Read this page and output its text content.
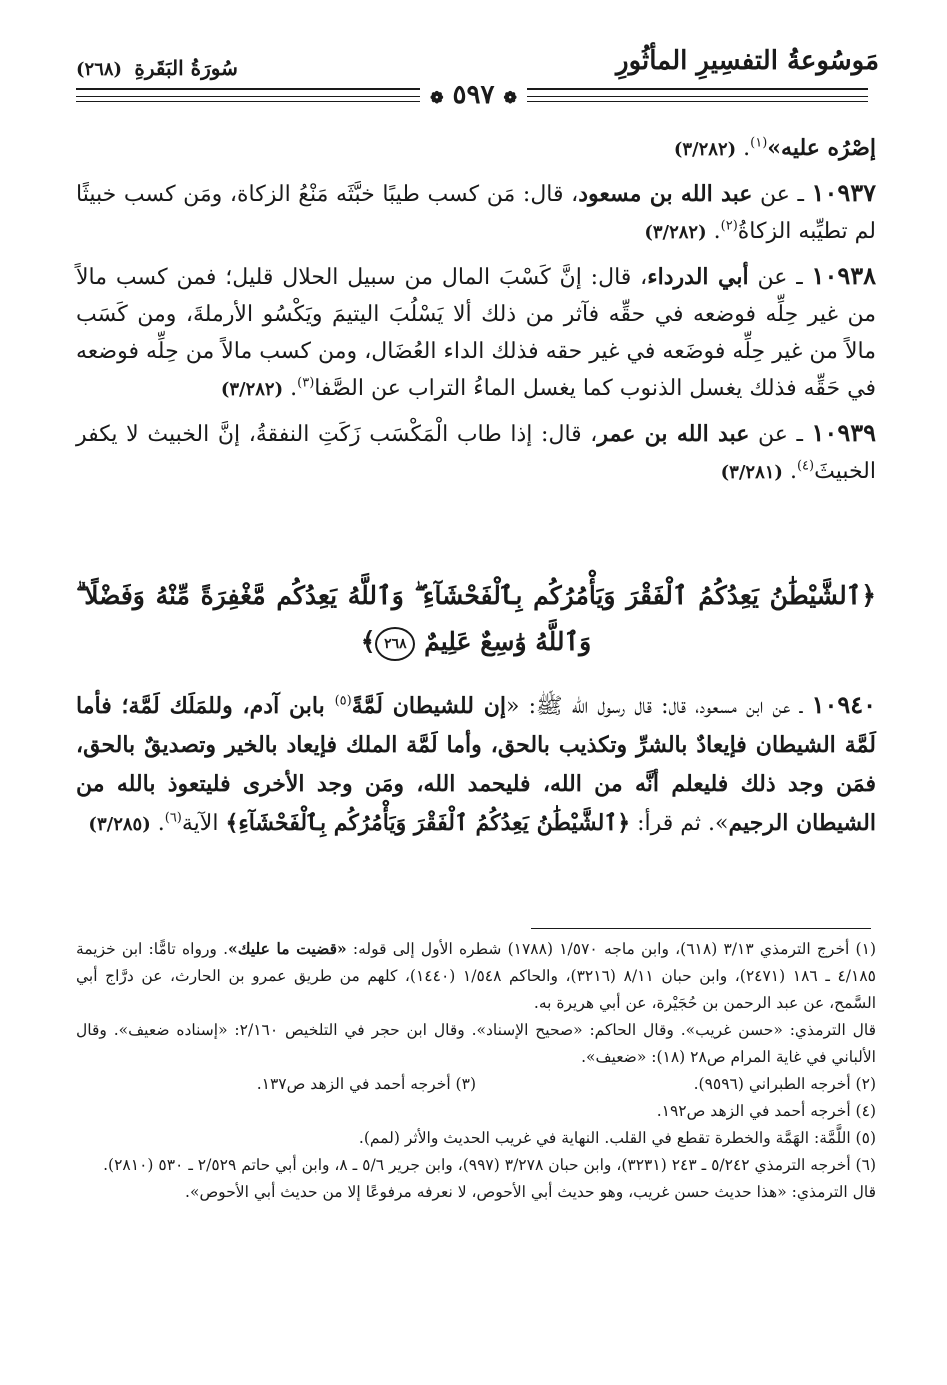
مَوسُوعةُ التفسِيرِ المأثُورِ
سُورَةُ البَقَرةِ (٢٦٨)
❁ ٥٩٧ ❁

إصْرُه عليه»$^{(١)}$. (٣/٢٨٢)

١٠٩٣٧ ـ عن عبد الله بن مسعود، قال: مَن كسب طيبًا خبَّثَه مَنْعُ الزكاة، ومَن كسب خبيثًا لم تطيِّبه الزكاةُ$^{(٢)}$. (٣/٢٨٢)

١٠٩٣٨ ـ عن أبي الدرداء، قال: إنَّ كَسْبَ المال من سبيل الحلال قليل؛ فمن كسب مالاً من غير حِلِّه فوضعه في حقِّه فآثر من ذلك ألا يَسْلُبَ اليتيمَ ويَكْسُو الأرملةَ، ومن كَسَب مالاً من غير حِلِّه فوضَعه في غير حقه فذلك الداء العُضَال، ومن كسب مالاً من حِلِّه فوضعه في حَقِّه فذلك يغسل الذنوب كما يغسل الماءُ التراب عن الصَّفا$^{(٣)}$. (٣/٢٨٢)

١٠٩٣٩ ـ عن عبد الله بن عمر، قال: إذا طاب الْمَكْسَب زَكَتِ النفقةُ، إنَّ الخبيث لا يكفر الخبيثَ$^{(٤)}$. (٣/٢٨١)

﴿ٱلشَّيْطَٰنُ يَعِدُكُمُ ٱلْفَقْرَ وَيَأْمُرُكُم بِٱلْفَحْشَآءِ ۖ وَٱللَّهُ يَعِدُكُم مَّغْفِرَةً مِّنْهُ وَفَضْلًا ۗ وَٱللَّهُ وَٰسِعٌ عَلِيمٌ ٢٦٨﴾
١٠٩٤٠ ـ عن ابن مسعود، قال: قال رسول الله ﷺ: «إن للشيطان لَمَّةً$^{(٥)}$ بابن آدم، وللمَلَك لَمَّة؛ فأما لَمَّة الشيطان فإيعادٌ بالشرِّ وتكذيب بالحق، وأما لَمَّة الملك فإيعاد بالخير وتصديقٌ بالحق، فمَن وجد ذلك فليعلم أنَّه من الله، فليحمد الله، ومَن وجد الأخرى فليتعوذ بالله من الشيطان الرجيم». ثم قرأ: ﴿ٱلشَّيْطَٰنُ يَعِدُكُمُ ٱلْفَقْرَ وَيَأْمُرُكُم بِٱلْفَحْشَآءِ﴾ الآية$^{(٦)}$. (٣/٢٨٥)

(١) أخرج الترمذي ٣/١٣ (٦١٨)، وابن ماجه ١/٥٧٠ (١٧٨٨) شطره الأول إلى قوله: «قضيت ما عليك». ورواه تامًّا: ابن خزيمة ٤/١٨٥ ـ ١٨٦ (٢٤٧١)، وابن حبان ٨/١١ (٣٢١٦)، والحاكم ١/٥٤٨ (١٤٤٠)، كلهم من طريق عمرو بن الحارث، عن درَّاج أبي السَّمح، عن عبد الرحمن بن حُجَيْرة، عن أبي هريرة به.

قال الترمذي: «حسن غريب». وقال الحاكم: «صحيح الإسناد». وقال ابن حجر في التلخيص ٢/١٦٠: «إسناده ضعيف». وقال الألباني في غاية المرام ص٢٨ (١٨): «ضعيف».

(٢) أخرجه الطبراني (٩٥٩٦).
(٣) أخرجه أحمد في الزهد ص١٣٧.

(٤) أخرجه أحمد في الزهد ص١٩٢.

(٥) اللَّمَّة: الهَمَّة والخطرة تقطع في القلب. النهاية في غريب الحديث والأثر (لمم).

(٦) أخرجه الترمذي ٥/٢٤٢ ـ ٢٤٣ (٣٢٣١)، وابن حبان ٣/٢٧٨ (٩٩٧)، وابن جرير ٥/٦ ـ ٨، وابن أبي حاتم ٢/٥٢٩ ـ ٥٣٠ (٢٨١٠).

قال الترمذي: «هذا حديث حسن غريب، وهو حديث أبي الأحوص، لا نعرفه مرفوعًا إلا من حديث أبي الأحوص».
